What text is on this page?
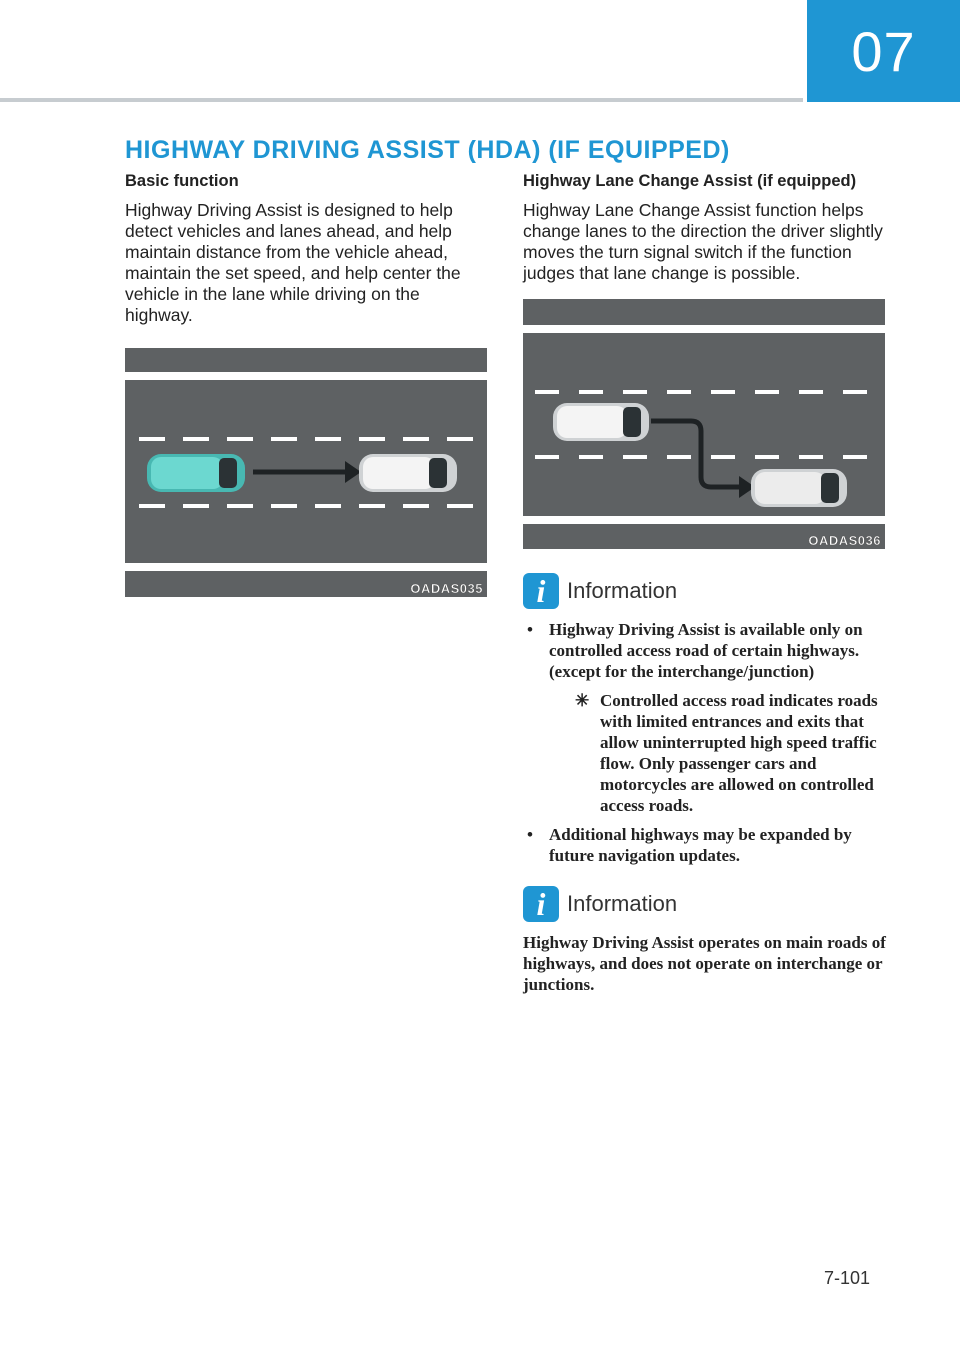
07
HIGHWAY DRIVING ASSIST (HDA) (IF EQUIPPED)

Basic function

Highway Driving Assist is designed to help detect vehicles and lanes ahead, and help maintain distance from the vehicle ahead, maintain the set speed, and help center the vehicle in the lane while driving on the highway.

OADAS035

Highway Lane Change Assist (if equipped)

Highway Lane Change Assist function helps change lanes to the direction the driver slightly moves the turn signal switch if the function judges that lane change is possible.

OADAS036
i Information
• Highway Driving Assist is available only on controlled access road of certain highways. (except for the interchange/junction)
✳ Controlled access road indicates roads with limited entrances and exits that allow uninterrupted high speed traffic flow. Only passenger cars and motorcycles are allowed on controlled access roads.
• Additional highways may be expanded by future navigation updates.
i Information

Highway Driving Assist operates on main roads of highways, and does not operate on interchange or junctions.

7-101
